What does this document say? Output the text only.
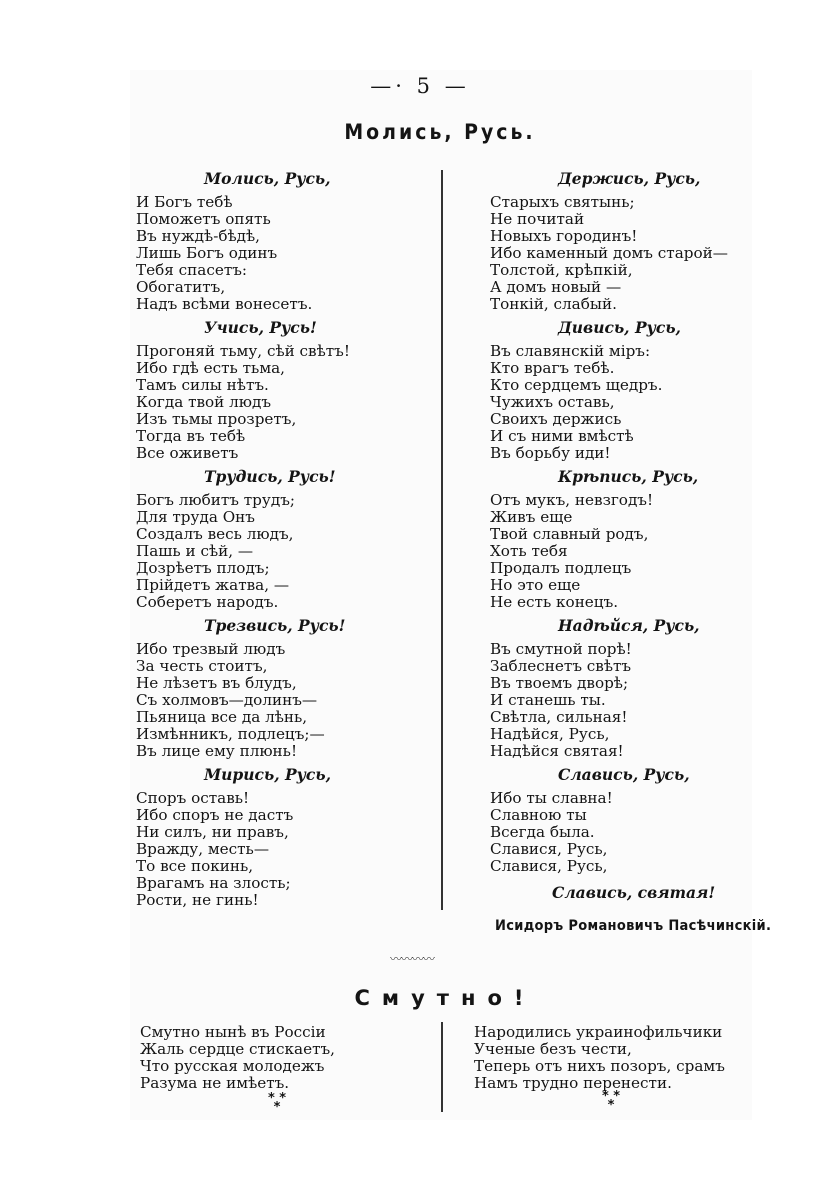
—· 5 —
Молись, Русь.
Молись, Русь,
И Богъ тебѣ
Поможетъ опять
Въ нуждѣ-бѣдѣ,
Лишь Богъ одинъ
Тебя спасетъ:
Обогатитъ,
Надъ всѣми вонесетъ.
Учись, Русь!
Прогоняй тьму, сѣй свѣтъ!
Ибо гдѣ есть тьма,
Тамъ силы нѣтъ.
Когда твой людъ
Изъ тьмы прозретъ,
Тогда въ тебѣ
Все оживетъ
Трудись, Русь!
Богъ любитъ трудъ;
Для труда Онъ
Создалъ весь людъ,
Пашь и сѣй, —
Дозрѣетъ плодъ;
Прійдетъ жатва, —
Соберетъ народъ.
Трезвись, Русь!
Ибо трезвый людъ
За честь стоитъ,
Не лѣзетъ въ блудъ,
Съ холмовъ—долинъ—
Пьяница все да лѣнь,
Измѣнникъ, подлецъ;—
Въ лице ему плюнь!
Мирись, Русь,
Споръ оставь!
Ибо споръ не дастъ
Ни силъ, ни правъ,
Вражду, месть—
То все покинь,
Врагамъ на злость;
Рости, не гинь!
Держись, Русь,
Старыхъ святынь;
Не почитай
Новыхъ городинъ!
Ибо каменный домъ старой—
Толстой, крѣпкій,
А домъ новый —
Тонкій, слабый.
Дивись, Русь,
Въ славянскій міръ:
Кто врагъ тебѣ.
Кто сердцемъ щедръ.
Чужихъ оставь,
Своихъ держись
И съ ними вмѣстѣ
Въ борьбу иди!
Крѣпись, Русь,
Отъ мукъ, невзгодъ!
Живъ еще
Твой славный родъ,
Хоть тебя
Продалъ подлецъ
Но это еще
Не есть конецъ.
Надѣйся, Русь,
Въ смутной порѣ!
Заблеснетъ свѣтъ
Въ твоемъ дворѣ;
И станешь ты.
Свѣтла, сильная!
Надѣйся, Русь,
Надѣйся святая!
Славись, Русь,
Ибо ты славна!
Славною ты
Всегда была.
Славися, Русь,
Славися, Русь,
Славись, святая!
Исидоръ Романовичъ Пасѣчинскій.
〰〰〰〰
Смутно!
Смутно нынѣ въ Россіи
Жаль сердце стискаетъ,
Что русская молодежъ
Разума не имѣетъ.
Народились украинофильчики
Ученые безъ чести,
Теперь отъ нихъ позоръ, срамъ
Намъ трудно перенести.
* *
*
* *
*
